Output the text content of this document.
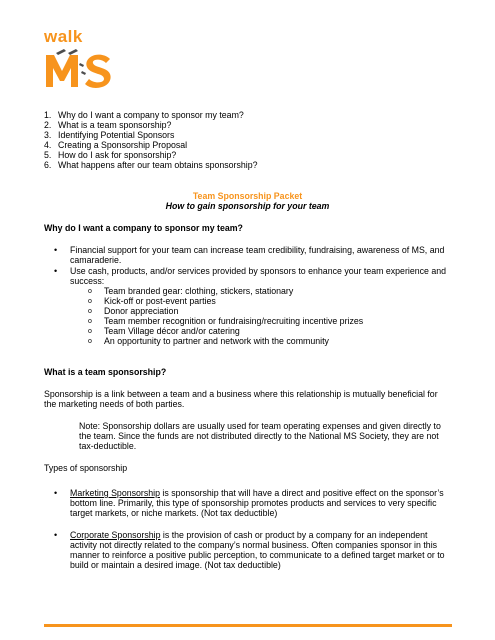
walk
1. Why do I want a company to sponsor my team?
2. What is a team sponsorship?
3. Identifying Potential Sponsors
4. Creating a Sponsorship Proposal
5. How do I ask for sponsorship?
6. What happens after our team obtains sponsorship?
Team Sponsorship Packet
How to gain sponsorship for your team
Why do I want a company to sponsor my team?
• Financial support for your team can increase team credibility, fundraising, awareness of MS, and
camaraderie.
• Use cash, products, and/or services provided by sponsors to enhance your team experience and
success:
o Team branded gear: clothing, stickers, stationary
o Kick-off or post-event parties
o Donor appreciation
o Team member recognition or fundraising/recruiting incentive prizes
o Team Village décor and/or catering
o An opportunity to partner and network with the community
What is a team sponsorship?
Sponsorship is a link between a team and a business where this relationship is mutually beneficial for
the marketing needs of both parties.
Note: Sponsorship dollars are usually used for team operating expenses and given directly to
the team. Since the funds are not distributed directly to the National MS Society, they are not
tax-deductible.
Types of sponsorship
• Marketing Sponsorship is sponsorship that will have a direct and positive effect on the sponsor’s
bottom line. Primarily, this type of sponsorship promotes products and services to very specific
target markets, or niche markets. (Not tax deductible)
• Corporate Sponsorship is the provision of cash or product by a company for an independent
activity not directly related to the company’s normal business. Often companies sponsor in this
manner to reinforce a positive public perception, to communicate to a defined target market or to
build or maintain a desired image. (Not tax deductible)
